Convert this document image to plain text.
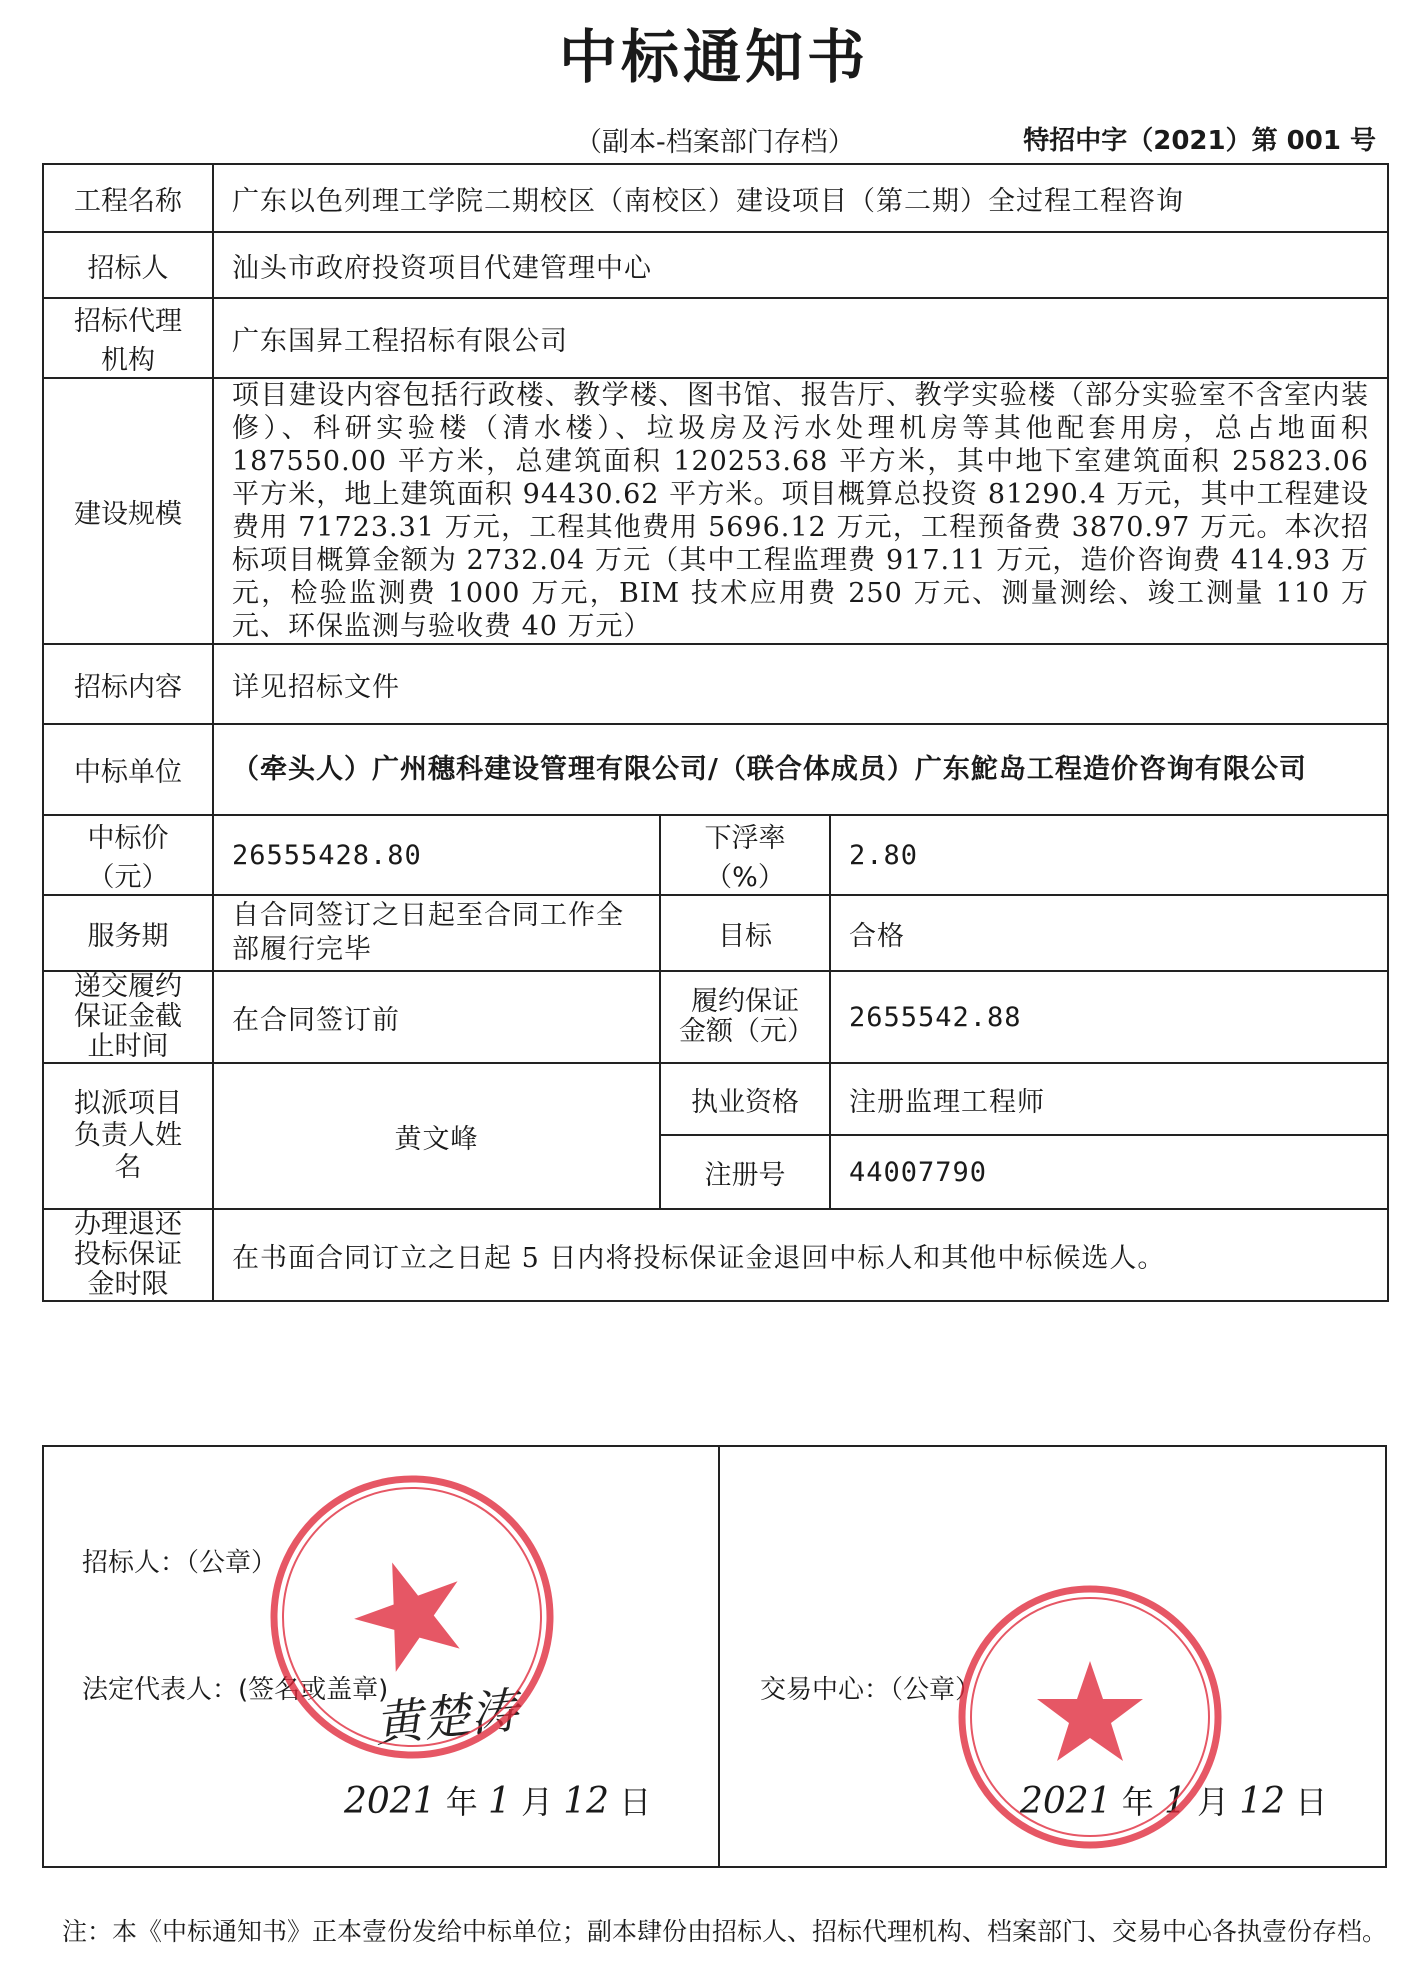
中标通知书
（副本-档案部门存档）	特招中字（2021）第 001 号
工程名称	广东以色列理工学院二期校区（南校区）建设项目（第二期）全过程工程咨询		
招标人	汕头市政府投资项目代建管理中心		
招标代理机构	广东国昇工程招标有限公司		
建设规模	项目建设内容包括行政楼、教学楼、图书馆、报告厅、教学实验楼（部分实验室不含室内装修）、科研实验楼（清水楼）、垃圾房及污水处理机房等其他配套用房，总占地面积 187550.00 平方米，总建筑面积 120253.68 平方米，其中地下室建筑面积 25823.06 平方米，地上建筑面积 94430.62 平方米。项目概算总投资 81290.4 万元，其中工程建设费用 71723.31 万元，工程其他费用 5696.12 万元，工程预备费 3870.97 万元。本次招标项目概算金额为 2732.04 万元（其中工程监理费 917.11 万元，造价咨询费 414.93 万元，检验监测费 1000 万元，BIM 技术应用费 250 万元、测量测绘、竣工测量 110 万元、环保监测与验收费 40 万元）		
招标内容	详见招标文件		
中标单位	（牵头人）广州穗科建设管理有限公司/（联合体成员）广东鮀岛工程造价咨询有限公司		
中标价（元）	26555428.80	下浮率 （%）	2.80
服务期	自合同签订之日起至合同工作全部履行完毕	目标	合格
递交履约保证金截止时间	在合同签订前	履约保证金额（元）	2655542.88
拟派项目负责人姓名	黄文峰	执业资格	注册监理工程师
		注册号	44007790
办理退还投标保证金时限	在书面合同订立之日起 5 日内将投标保证金退回中标人和其他中标候选人。		
招标人：（公章）
法定代表人：(签名或盖章)
黄楚涛
2021 年 1 月 12 日
交易中心：（公章）
2021 年 1 月 12 日
注：本《中标通知书》正本壹份发给中标单位；副本肆份由招标人、招标代理机构、档案部门、交易中心各执壹份存档。
